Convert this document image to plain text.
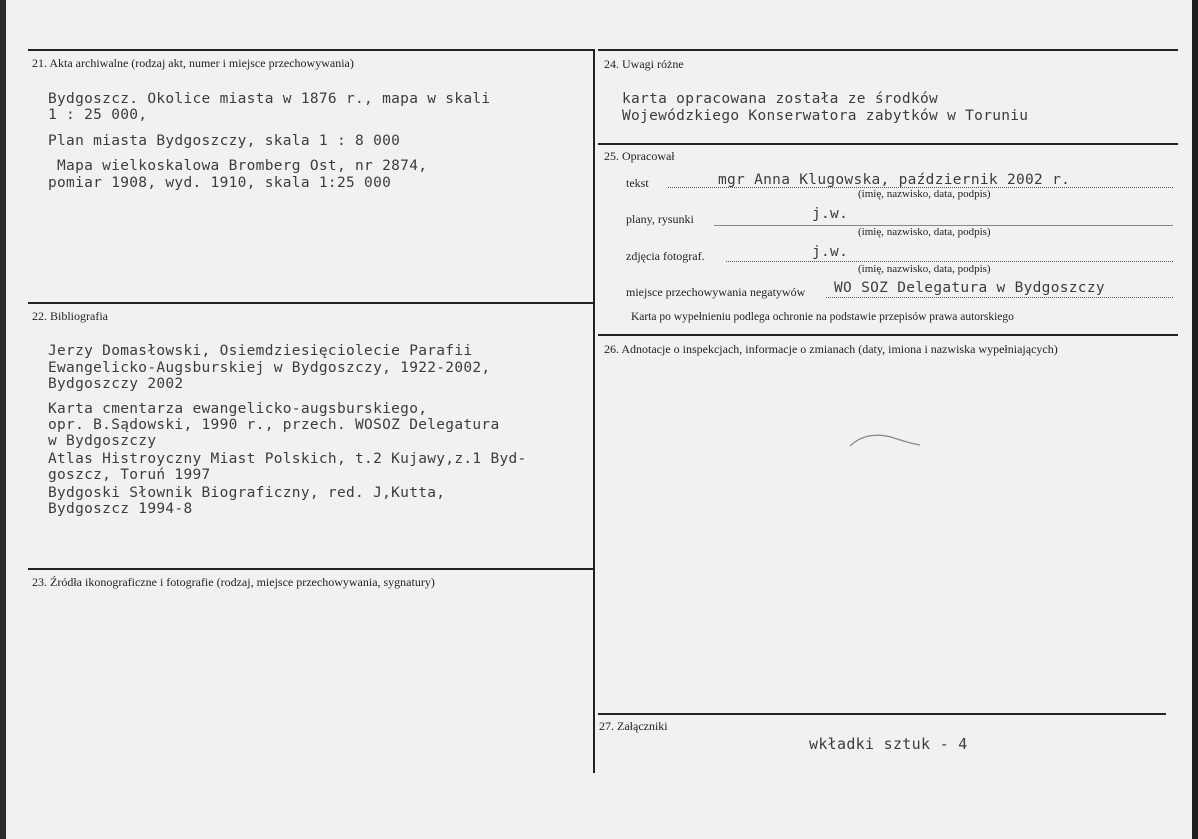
21. Akta archiwalne (rodzaj akt, numer i miejsce przechowywania)
Bydgoszcz. Okolice miasta w 1876 r., mapa w skali
1 : 25 000,
Plan miasta Bydgoszczy, skala 1 : 8 000
Mapa wielkoskalowa Bromberg Ost, nr 2874,
pomiar 1908, wyd. 1910, skala 1:25 000
22. Bibliografia
Jerzy Domasłowski, Osiemdziesięciolecie Parafii
Ewangelicko-Augsburskiej w Bydgoszczy, 1922-2002,
Bydgoszczy 2002
Karta cmentarza ewangelicko-augsburskiego,
opr. B.Sądowski, 1990 r., przech. WOSOZ Delegatura
w Bydgoszczy
Atlas Histroyczny Miast Polskich, t.2 Kujawy,z.1 Byd-
goszcz, Toruń 1997
Bydgoski Słownik Biograficzny, red. J,Kutta,
Bydgoszcz 1994-8
23. Źródła ikonograficzne i fotografie (rodzaj, miejsce przechowywania, sygnatury)
24. Uwagi różne
karta opracowana została ze środków
Wojewódzkiego Konserwatora zabytków w Toruniu
25. Opracował
tekst	mgr Anna Klugowska, październik 2002 r.
(imię, nazwisko, data, podpis)
plany, rysunki	j.w.
(imię, nazwisko, data, podpis)
zdjęcia fotograf.	j.w.
(imię, nazwisko, data, podpis)
miejsce przechowywania negatywów WO SOZ Delegatura w Bydgoszczy
Karta po wypełnieniu podlega ochronie na podstawie przepisów prawa autorskiego
26. Adnotacje o inspekcjach, informacje o zmianach (daty, imiona i nazwiska wypełniających)
27. Załączniki
wkładki sztuk - 4
